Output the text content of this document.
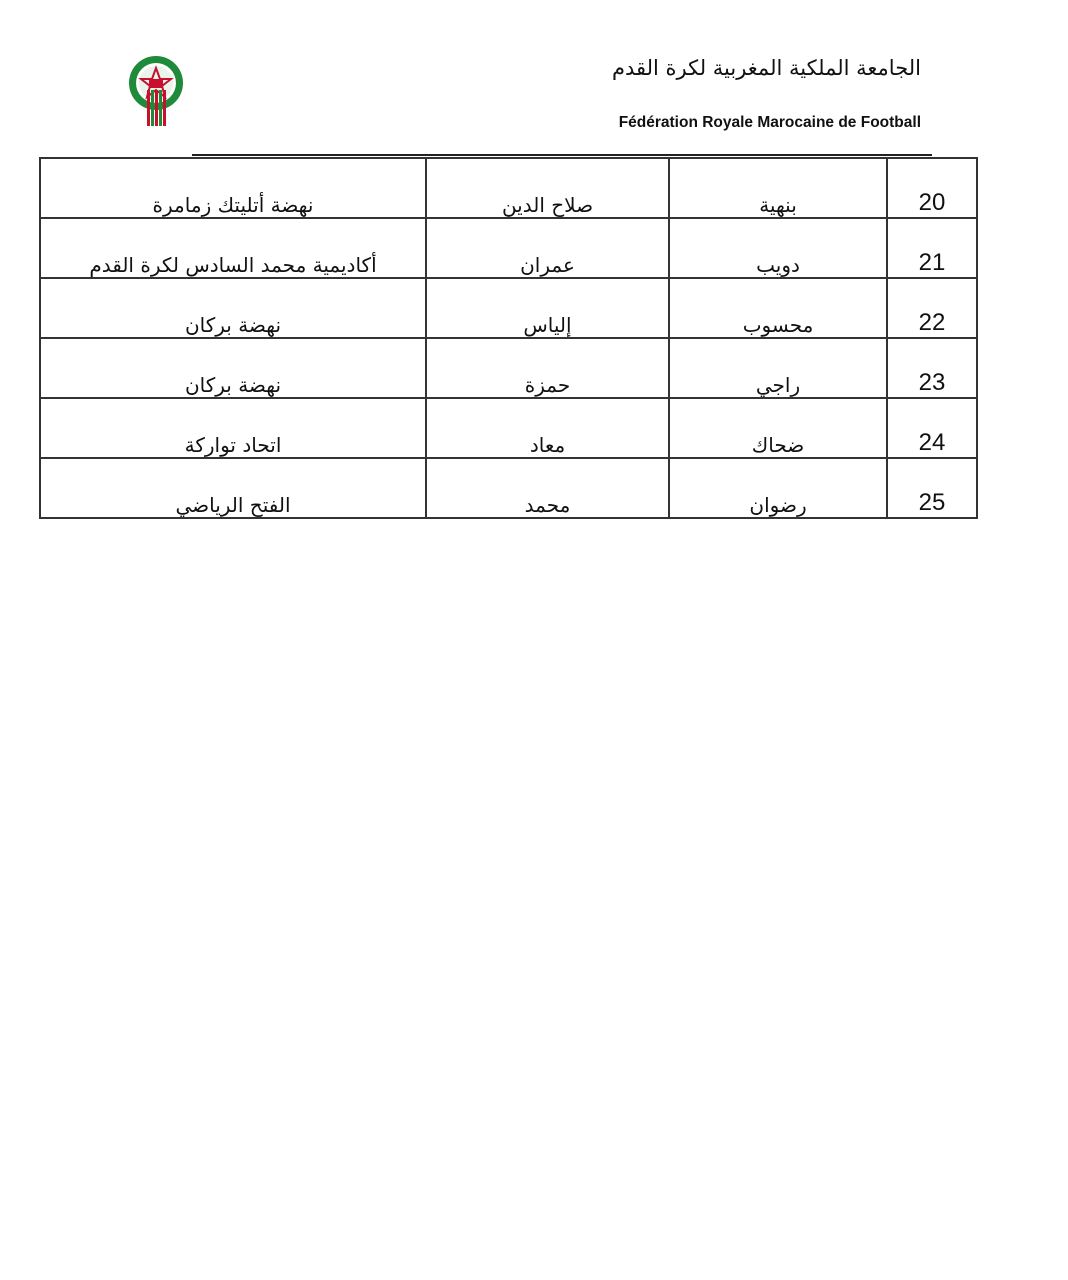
الجامعة الملكية المغربية لكرة القدم
Fédération Royale Marocaine de Football
نهضة أتليتك زمامرة	صلاح الدين	بنهية	20
أكاديمية محمد السادس لكرة القدم	عمران	دويب	21
نهضة بركان	إلياس	محسوب	22
نهضة بركان	حمزة	راجي	23
اتحاد تواركة	معاد	ضحاك	24
الفتح الرياضي	محمد	رضوان	25
